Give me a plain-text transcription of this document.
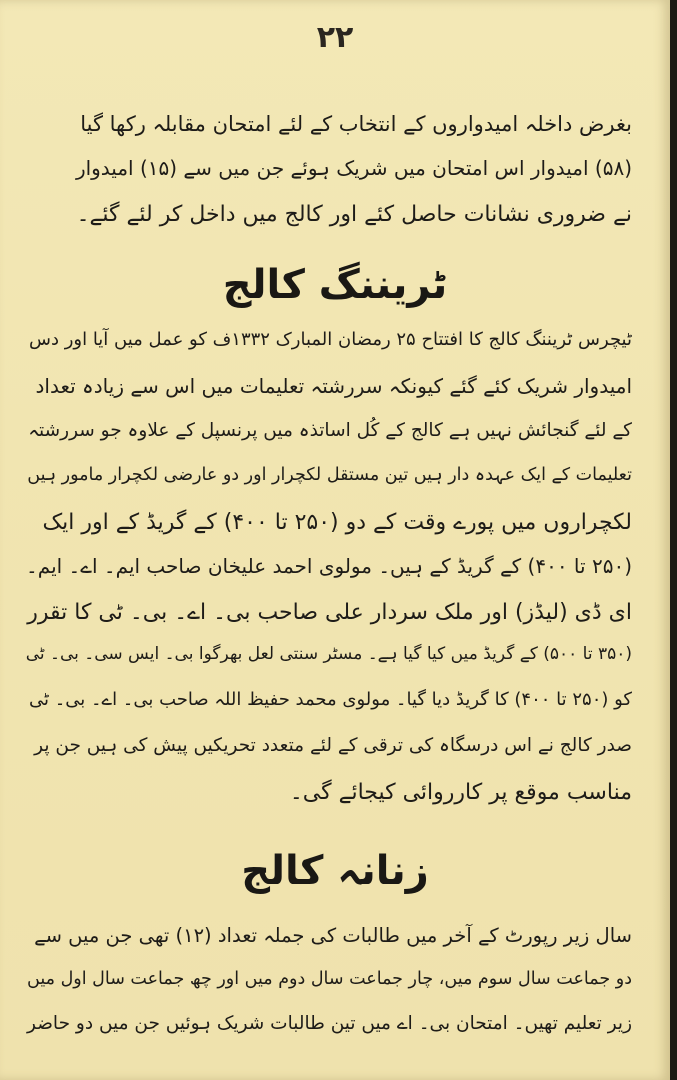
۲۲
بغرض داخلہ امیدواروں کے انتخاب کے لئے امتحان مقابلہ رکھا گیا
(۵۸) امیدوار اس امتحان میں شریک ہوئے جن میں سے (۱۵) امیدوار
نے ضروری نشانات حاصل کئے اور کالج میں داخل کر لئے گئے۔
ٹریننگ کالج
ٹیچرس ٹریننگ کالج کا افتتاح ۲۵ رمضان المبارک ۱۳۳۲ف کو عمل میں آیا اور دس
امیدوار شریک کئے گئے کیونکہ سررشتہ تعلیمات میں اس سے زیادہ تعداد
کے لئے گنجائش نہیں ہے کالج کے کُل اساتذہ میں پرنسپل کے علاوہ جو سررشتہ
تعلیمات کے ایک عہدہ دار ہیں تین مستقل لکچرار اور دو عارضی لکچرار مامور ہیں
لکچراروں میں پورے وقت کے دو (۲۵۰ تا ۴۰۰) کے گریڈ کے اور ایک
(۲۵۰ تا ۴۰۰) کے گریڈ کے ہیں۔ مولوی احمد علیخان صاحب ایم۔ اے۔ ایم۔
ای ڈی (لیڈز) اور ملک سردار علی صاحب بی۔ اے۔ بی۔ ٹی کا تقرر
(۳۵۰ تا ۵۰۰) کے گریڈ میں کیا گیا ہے۔ مسٹر سنتی لعل بھرگوا بی۔ ایس سی۔ بی۔ ٹی
کو (۲۵۰ تا ۴۰۰) کا گریڈ دیا گیا۔ مولوی محمد حفیظ اللہ صاحب بی۔ اے۔ بی۔ ٹی
صدر کالج نے اس درسگاہ کی ترقی کے لئے متعدد تحریکیں پیش کی ہیں جن پر
مناسب موقع پر کارروائی کیجائے گی۔
زنانہ کالج
سال زیر رپورٹ کے آخر میں طالبات کی جملہ تعداد (۱۲) تھی جن میں سے
دو جماعت سال سوم میں، چار جماعت سال دوم میں اور چھ جماعت سال اول میں
زیر تعلیم تھیں۔ امتحان بی۔ اے میں تین طالبات شریک ہوئیں جن میں دو حاضر
